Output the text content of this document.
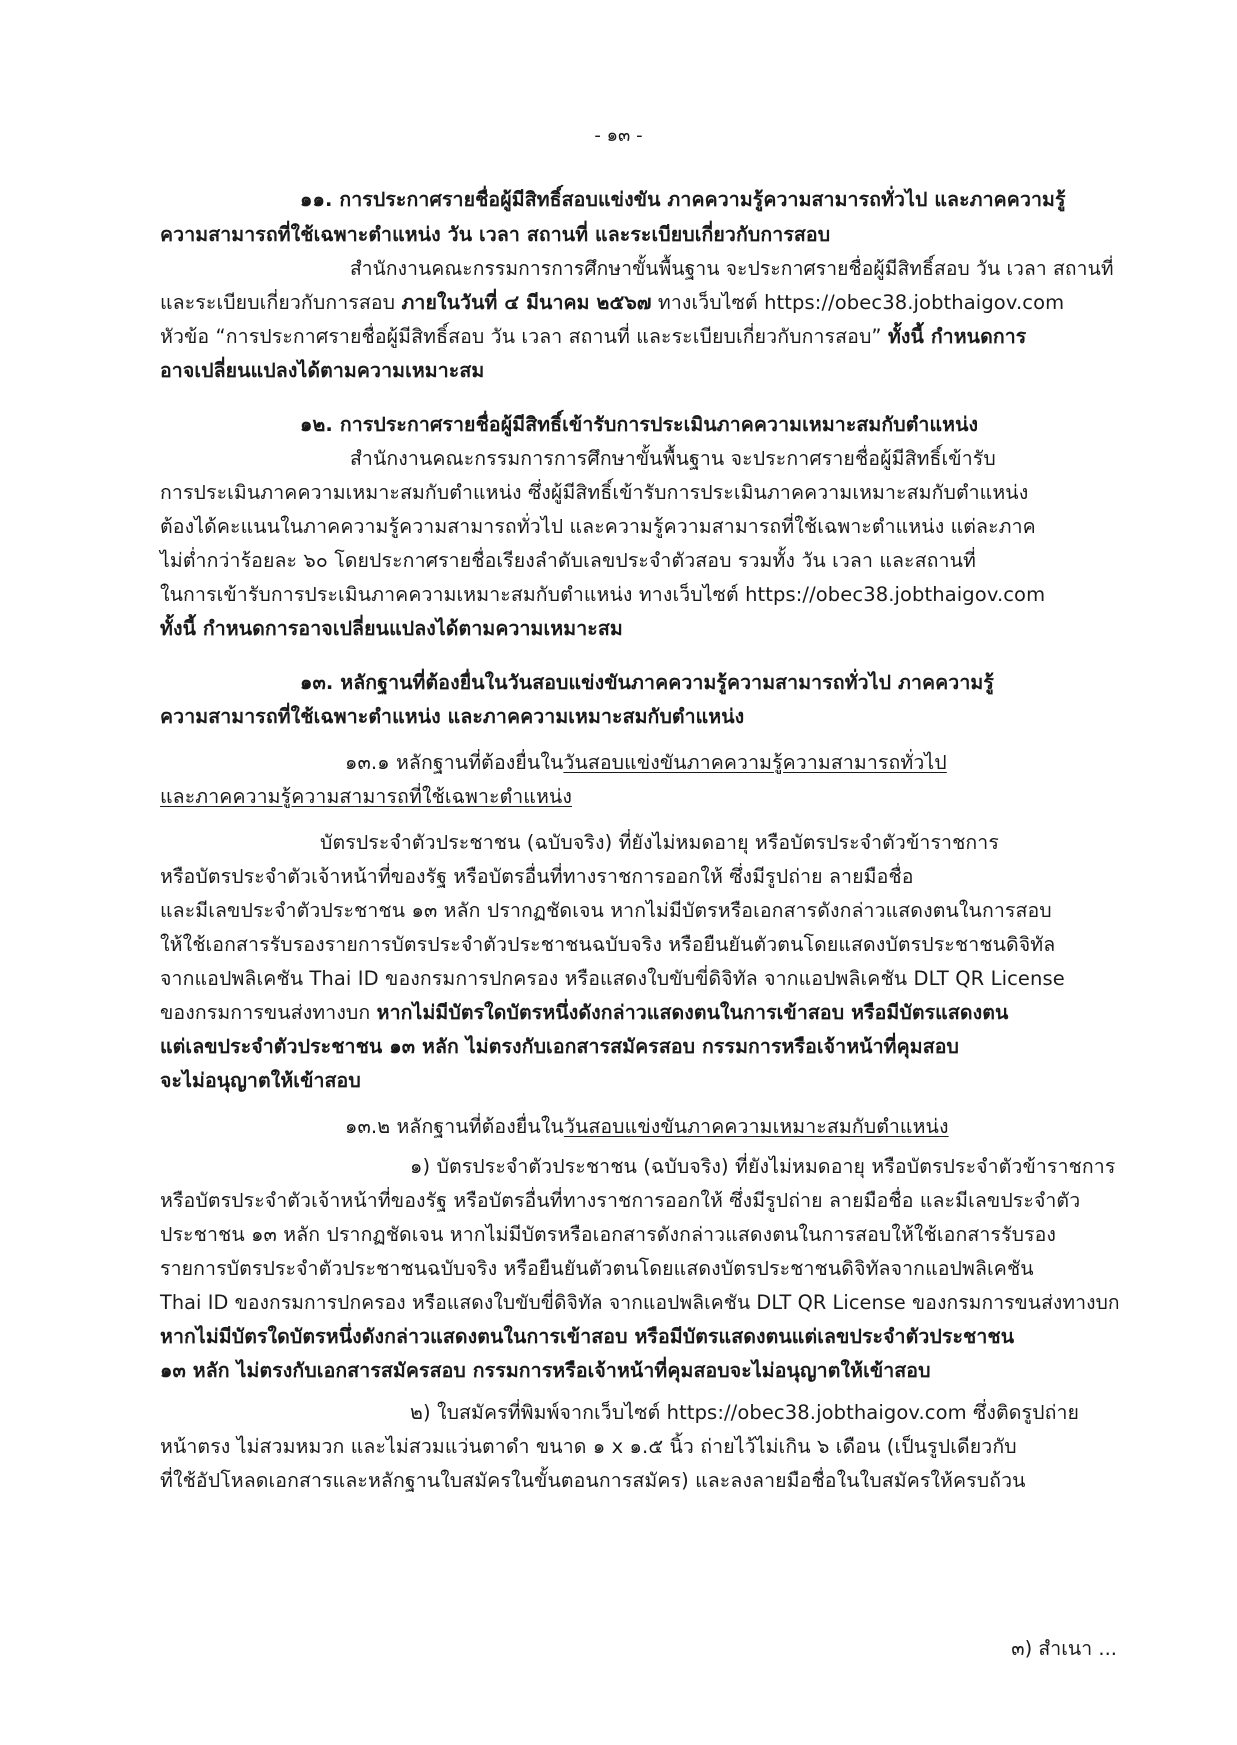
- ๑๓ -
๑๑. การประกาศรายชื่อผู้มีสิทธิ์สอบแข่งขัน ภาคความรู้ความสามารถทั่วไป และภาคความรู้
ความสามารถที่ใช้เฉพาะตำแหน่ง วัน เวลา สถานที่ และระเบียบเกี่ยวกับการสอบ
สำนักงานคณะกรรมการการศึกษาขั้นพื้นฐาน จะประกาศรายชื่อผู้มีสิทธิ์สอบ วัน เวลา สถานที่
และระเบียบเกี่ยวกับการสอบ ภายในวันที่ ๔ มีนาคม ๒๕๖๗ ทางเว็บไซต์ https://obec38.jobthaigov.com
หัวข้อ “การประกาศรายชื่อผู้มีสิทธิ์สอบ วัน เวลา สถานที่ และระเบียบเกี่ยวกับการสอบ” ทั้งนี้ กำหนดการ
อาจเปลี่ยนแปลงได้ตามความเหมาะสม
๑๒. การประกาศรายชื่อผู้มีสิทธิ์เข้ารับการประเมินภาคความเหมาะสมกับตำแหน่ง
สำนักงานคณะกรรมการการศึกษาขั้นพื้นฐาน จะประกาศรายชื่อผู้มีสิทธิ์เข้ารับ
การประเมินภาคความเหมาะสมกับตำแหน่ง ซึ่งผู้มีสิทธิ์เข้ารับการประเมินภาคความเหมาะสมกับตำแหน่ง
ต้องได้คะแนนในภาคความรู้ความสามารถทั่วไป และความรู้ความสามารถที่ใช้เฉพาะตำแหน่ง แต่ละภาค
ไม่ต่ำกว่าร้อยละ ๖๐ โดยประกาศรายชื่อเรียงลำดับเลขประจำตัวสอบ รวมทั้ง วัน เวลา และสถานที่
ในการเข้ารับการประเมินภาคความเหมาะสมกับตำแหน่ง ทางเว็บไซต์ https://obec38.jobthaigov.com
ทั้งนี้ กำหนดการอาจเปลี่ยนแปลงได้ตามความเหมาะสม
๑๓. หลักฐานที่ต้องยื่นในวันสอบแข่งขันภาคความรู้ความสามารถทั่วไป ภาคความรู้
ความสามารถที่ใช้เฉพาะตำแหน่ง และภาคความเหมาะสมกับตำแหน่ง
๑๓.๑ หลักฐานที่ต้องยื่นในวันสอบแข่งขันภาคความรู้ความสามารถทั่วไป
และภาคความรู้ความสามารถที่ใช้เฉพาะตำแหน่ง
บัตรประจำตัวประชาชน (ฉบับจริง) ที่ยังไม่หมดอายุ หรือบัตรประจำตัวข้าราชการ
หรือบัตรประจำตัวเจ้าหน้าที่ของรัฐ หรือบัตรอื่นที่ทางราชการออกให้ ซึ่งมีรูปถ่าย ลายมือชื่อ
และมีเลขประจำตัวประชาชน ๑๓ หลัก ปรากฏชัดเจน หากไม่มีบัตรหรือเอกสารดังกล่าวแสดงตนในการสอบ
ให้ใช้เอกสารรับรองรายการบัตรประจำตัวประชาชนฉบับจริง หรือยืนยันตัวตนโดยแสดงบัตรประชาชนดิจิทัล
จากแอปพลิเคชัน Thai ID ของกรมการปกครอง หรือแสดงใบขับขี่ดิจิทัล จากแอปพลิเคชัน DLT QR License
ของกรมการขนส่งทางบก หากไม่มีบัตรใดบัตรหนึ่งดังกล่าวแสดงตนในการเข้าสอบ หรือมีบัตรแสดงตน
แต่เลขประจำตัวประชาชน ๑๓ หลัก ไม่ตรงกับเอกสารสมัครสอบ กรรมการหรือเจ้าหน้าที่คุมสอบ
จะไม่อนุญาตให้เข้าสอบ
๑๓.๒ หลักฐานที่ต้องยื่นในวันสอบแข่งขันภาคความเหมาะสมกับตำแหน่ง
๑) บัตรประจำตัวประชาชน (ฉบับจริง) ที่ยังไม่หมดอายุ หรือบัตรประจำตัวข้าราชการ
หรือบัตรประจำตัวเจ้าหน้าที่ของรัฐ หรือบัตรอื่นที่ทางราชการออกให้ ซึ่งมีรูปถ่าย ลายมือชื่อ และมีเลขประจำตัว
ประชาชน ๑๓ หลัก ปรากฏชัดเจน หากไม่มีบัตรหรือเอกสารดังกล่าวแสดงตนในการสอบให้ใช้เอกสารรับรอง
รายการบัตรประจำตัวประชาชนฉบับจริง หรือยืนยันตัวตนโดยแสดงบัตรประชาชนดิจิทัลจากแอปพลิเคชัน
Thai ID ของกรมการปกครอง หรือแสดงใบขับขี่ดิจิทัล จากแอปพลิเคชัน DLT QR License ของกรมการขนส่งทางบก
หากไม่มีบัตรใดบัตรหนึ่งดังกล่าวแสดงตนในการเข้าสอบ หรือมีบัตรแสดงตนแต่เลขประจำตัวประชาชน
๑๓ หลัก ไม่ตรงกับเอกสารสมัครสอบ กรรมการหรือเจ้าหน้าที่คุมสอบจะไม่อนุญาตให้เข้าสอบ
๒) ใบสมัครที่พิมพ์จากเว็บไซต์ https://obec38.jobthaigov.com ซึ่งติดรูปถ่าย
หน้าตรง ไม่สวมหมวก และไม่สวมแว่นตาดำ ขนาด ๑ x ๑.๕ นิ้ว ถ่ายไว้ไม่เกิน ๖ เดือน (เป็นรูปเดียวกับ
ที่ใช้อัปโหลดเอกสารและหลักฐานใบสมัครในขั้นตอนการสมัคร) และลงลายมือชื่อในใบสมัครให้ครบถ้วน
๓) สำเนา ...
